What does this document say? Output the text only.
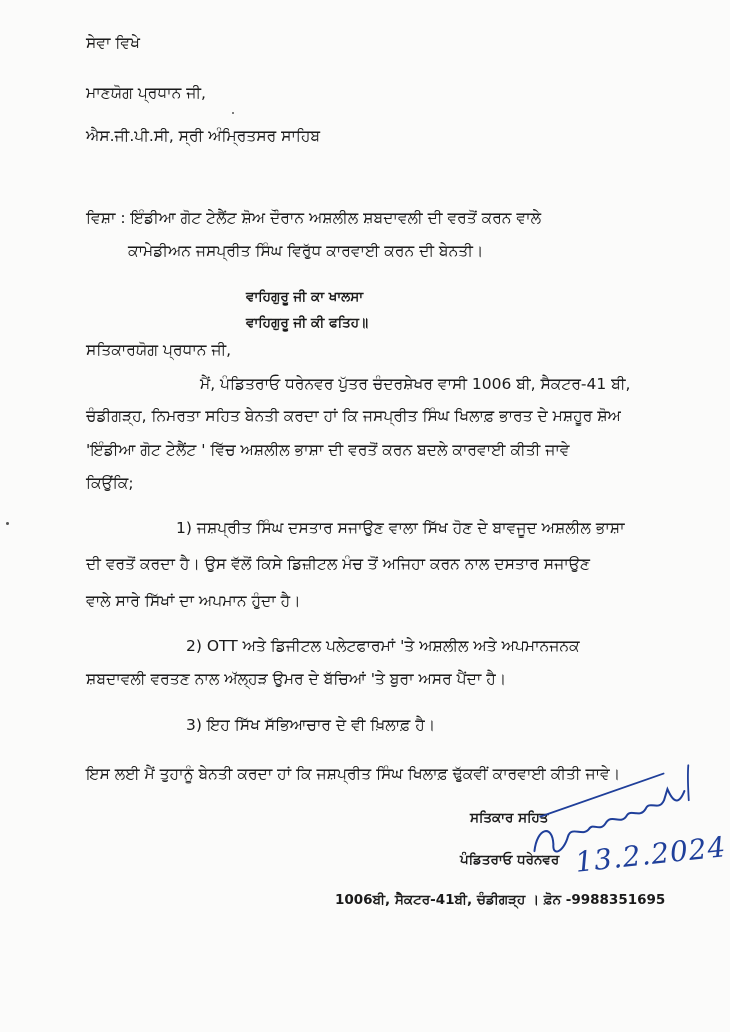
ਸੇਵਾ ਵਿਖੇ
ਮਾਣਯੋਗ ਪ੍ਰਧਾਨ ਜੀ,
ਐਸ.ਜੀ.ਪੀ.ਸੀ, ਸ੍ਰੀ ਅੰਮ੍ਰਿਤਸਰ ਸਾਹਿਬ
ਵਿਸ਼ਾ : ਇੰਡੀਆ ਗੋਟ ਟੇਲੈਂਟ ਸ਼ੋਅ ਦੌਰਾਨ ਅਸ਼ਲੀਲ ਸ਼ਬਦਾਵਲੀ ਦੀ ਵਰਤੋਂ ਕਰਨ ਵਾਲੇ
ਕਾਮੇਡੀਅਨ ਜਸਪ੍ਰੀਤ ਸਿੰਘ ਵਿਰੁੱਧ ਕਾਰਵਾਈ ਕਰਨ ਦੀ ਬੇਨਤੀ।
ਵਾਹਿਗੁਰੂ ਜੀ ਕਾ ਖਾਲਸਾ
ਵਾਹਿਗੁਰੂ ਜੀ ਕੀ ਫਤਿਹ॥
ਸਤਿਕਾਰਯੋਗ ਪ੍ਰਧਾਨ ਜੀ,
ਮੈਂ, ਪੰਡਿਤਰਾਓ ਧਰੇਨਵਰ ਪੁੱਤਰ ਚੰਦਰਸ਼ੇਖਰ ਵਾਸੀ 1006 ਬੀ, ਸੈਕਟਰ-41 ਬੀ,
ਚੰਡੀਗੜ੍ਹ, ਨਿਮਰਤਾ ਸਹਿਤ ਬੇਨਤੀ ਕਰਦਾ ਹਾਂ ਕਿ ਜਸਪ੍ਰੀਤ ਸਿੰਘ ਖਿਲਾਫ਼ ਭਾਰਤ ਦੇ ਮਸ਼ਹੂਰ ਸ਼ੋਅ
'ਇੰਡੀਆ ਗੋਟ ਟੇਲੈਂਟ ' ਵਿੱਚ ਅਸ਼ਲੀਲ ਭਾਸ਼ਾ ਦੀ ਵਰਤੋਂ ਕਰਨ ਬਦਲੇ ਕਾਰਵਾਈ ਕੀਤੀ ਜਾਵੇ
ਕਿਉਂਕਿ;
1) ਜਸ਼ਪ੍ਰੀਤ ਸਿੰਘ ਦਸਤਾਰ ਸਜਾਉਣ ਵਾਲਾ ਸਿੱਖ ਹੋਣ ਦੇ ਬਾਵਜੂਦ ਅਸ਼ਲੀਲ ਭਾਸ਼ਾ
ਦੀ ਵਰਤੋਂ ਕਰਦਾ ਹੈ। ਉਸ ਵੱਲੋਂ ਕਿਸੇ ਡਿਜ਼ੀਟਲ ਮੰਚ ਤੋਂ ਅਜਿਹਾ ਕਰਨ ਨਾਲ ਦਸਤਾਰ ਸਜਾਉਣ
ਵਾਲੇ ਸਾਰੇ ਸਿੱਖਾਂ ਦਾ ਅਪਮਾਨ ਹੁੰਦਾ ਹੈ।
2) OTT ਅਤੇ ਡਿਜੀਟਲ ਪਲੇਟਫਾਰਮਾਂ 'ਤੇ ਅਸ਼ਲੀਲ ਅਤੇ ਅਪਮਾਨਜਨਕ
ਸ਼ਬਦਾਵਲੀ ਵਰਤਣ ਨਾਲ ਅੱਲ੍ਹੜ ਉਮਰ ਦੇ ਬੱਚਿਆਂ 'ਤੇ ਬੁਰਾ ਅਸਰ ਪੈਂਦਾ ਹੈ।
3) ਇਹ ਸਿੱਖ ਸੱਭਿਆਚਾਰ ਦੇ ਵੀ ਖ਼ਿਲਾਫ਼ ਹੈ।
ਇਸ ਲਈ ਮੈਂ ਤੁਹਾਨੂੰ ਬੇਨਤੀ ਕਰਦਾ ਹਾਂ ਕਿ ਜਸ਼ਪ੍ਰੀਤ ਸਿੰਘ ਖਿਲਾਫ਼ ਢੁੱਕਵੀਂ ਕਾਰਵਾਈ ਕੀਤੀ ਜਾਵੇ।
ਸਤਿਕਾਰ ਸਹਿਤ
ਪੰਡਿਤਰਾਓ ਧਰੇਨਵਰ 13.2.2024
1006ਬੀ, ਸੈਕਟਰ-41ਬੀ, ਚੰਡੀਗੜ੍ਹ । ਫ਼ੋਨ -9988351695
